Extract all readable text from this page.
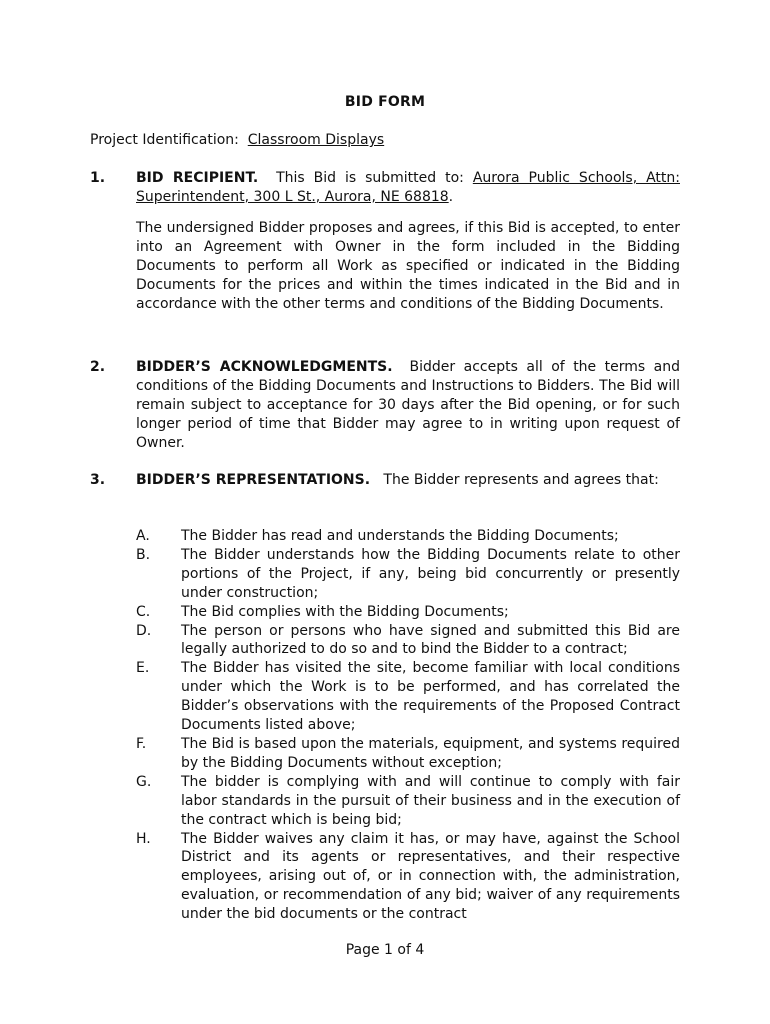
BID FORM
Project Identification: Classroom Displays
1. BID RECIPIENT. This Bid is submitted to: Aurora Public Schools, Attn: Superintendent, 300 L St., Aurora, NE 68818.
The undersigned Bidder proposes and agrees, if this Bid is accepted, to enter into an Agreement with Owner in the form included in the Bidding Documents to perform all Work as specified or indicated in the Bidding Documents for the prices and within the times indicated in the Bid and in accordance with the other terms and conditions of the Bidding Documents.
2. BIDDER’S ACKNOWLEDGMENTS. Bidder accepts all of the terms and conditions of the Bidding Documents and Instructions to Bidders. The Bid will remain subject to acceptance for 30 days after the Bid opening, or for such longer period of time that Bidder may agree to in writing upon request of Owner.
3. BIDDER’S REPRESENTATIONS. The Bidder represents and agrees that:
A. The Bidder has read and understands the Bidding Documents;
B. The Bidder understands how the Bidding Documents relate to other portions of the Project, if any, being bid concurrently or presently under construction;
C. The Bid complies with the Bidding Documents;
D. The person or persons who have signed and submitted this Bid are legally authorized to do so and to bind the Bidder to a contract;
E. The Bidder has visited the site, become familiar with local conditions under which the Work is to be performed, and has correlated the Bidder’s observations with the requirements of the Proposed Contract Documents listed above;
F. The Bid is based upon the materials, equipment, and systems required by the Bidding Documents without exception;
G. The bidder is complying with and will continue to comply with fair labor standards in the pursuit of their business and in the execution of the contract which is being bid;
H. The Bidder waives any claim it has, or may have, against the School District and its agents or representatives, and their respective employees, arising out of, or in connection with, the administration, evaluation, or recommendation of any bid; waiver of any requirements under the bid documents or the contract
Page 1 of 4
